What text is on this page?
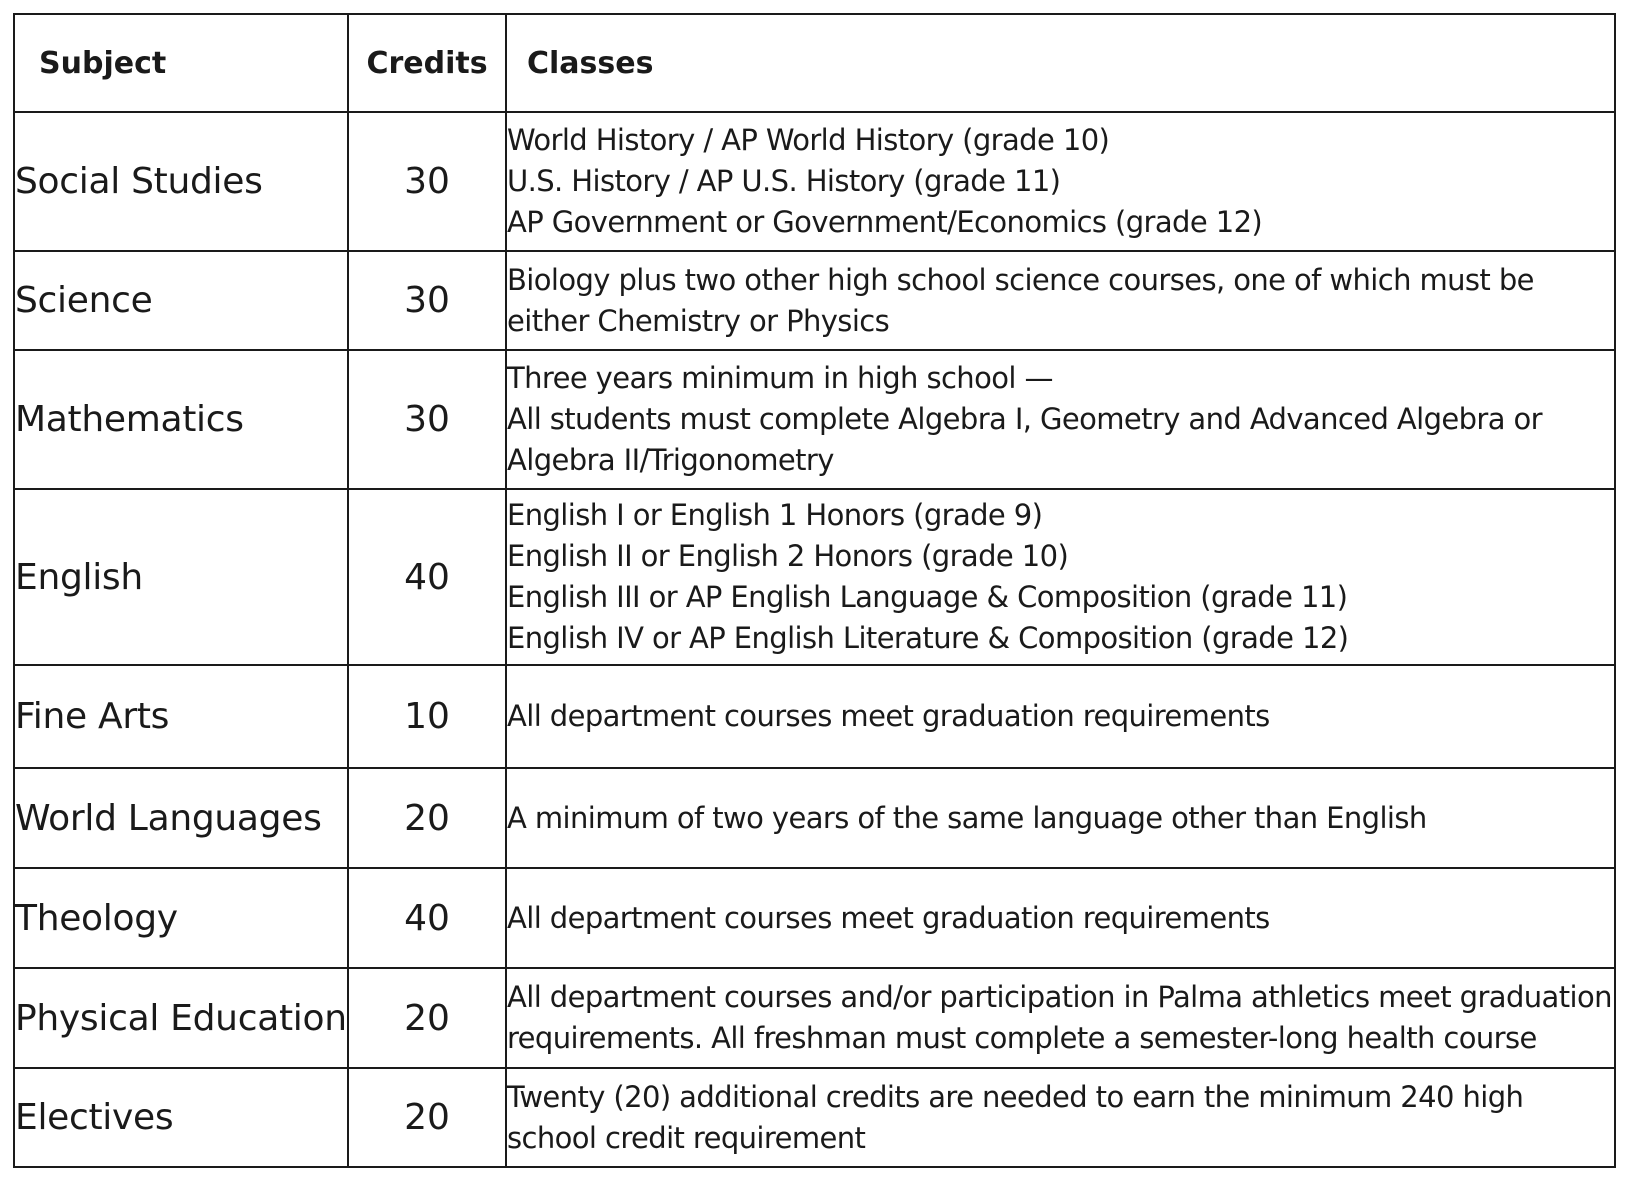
Subject	Credits	Classes
Social Studies	30	World History / AP World History (grade 10)
U.S. History / AP U.S. History (grade 11)
AP Government or Government/Economics (grade 12)

Science	30	Biology plus two other high school science courses, one of which must be either Chemistry or Physics

Mathematics	30	Three years minimum in high school —
All students must complete Algebra I, Geometry and Advanced Algebra or Algebra II/Trigonometry

English	40	English I or English 1 Honors (grade 9)
English II or English 2 Honors (grade 10)
English III or AP English Language & Composition (grade 11)
English IV or AP English Literature & Composition (grade 12)

Fine Arts	10	All department courses meet graduation requirements

World Languages	20	A minimum of two years of the same language other than English

Theology	40	All department courses meet graduation requirements

Physical Education	20	All department courses and/or participation in Palma athletics meet graduation requirements. All freshman must complete a semester-long health course

Electives	20	Twenty (20) additional credits are needed to earn the minimum 240 high school credit requirement
